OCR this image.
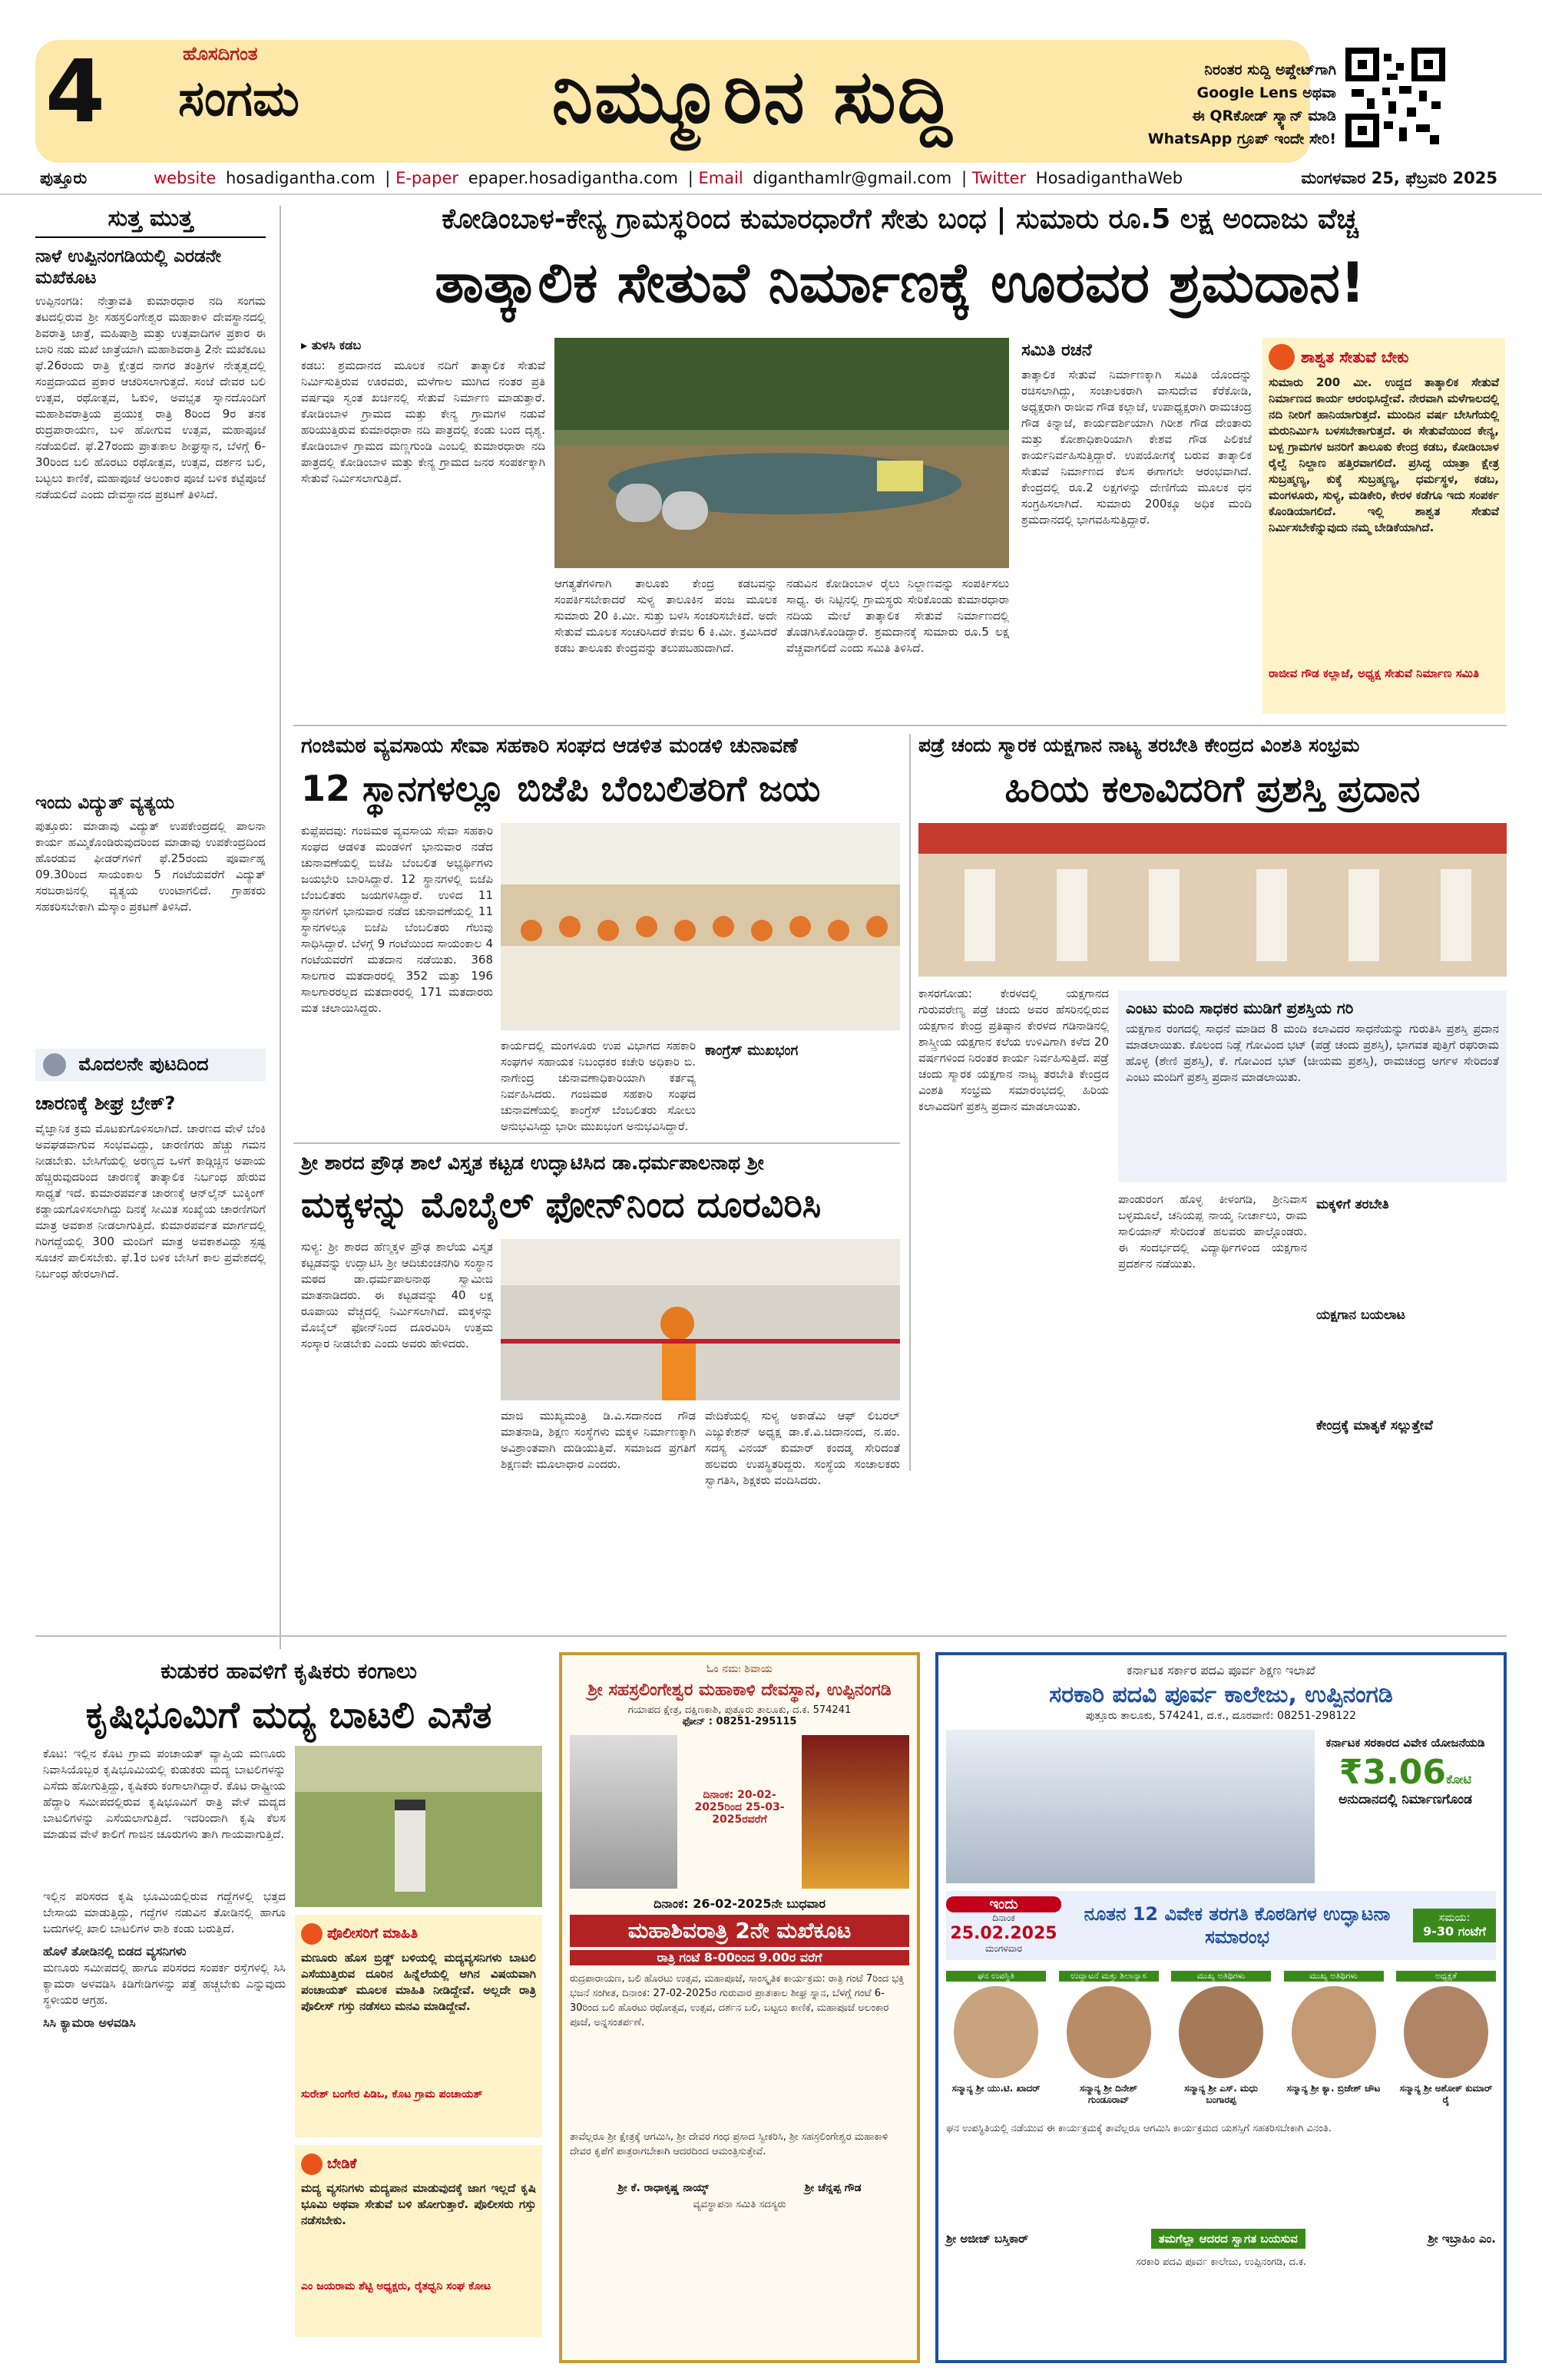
4	ಹೊಸದಿಗಂತ
ಸಂಗಮ	ನಿಮ್ಮೂರಿನ ಸುದ್ದಿ	ನಿರಂತರ ಸುದ್ದಿ ಅಪ್ಡೇಟ್‌ಗಾಗಿ
Google Lens ಅಥವಾ
ಈ QRಕೋಡ್ ಸ್ಕ್ಯಾನ್ ಮಾಡಿ
WhatsApp ಗ್ರೂಪ್ ಇಂದೇ ಸೇರಿ!
ಪುತ್ತೂರು	website hosadigantha.com | E-paper epaper.hosadigantha.com | Email diganthamlr@gmail.com | Twitter HosadiganthaWeb	ಮಂಗಳವಾರ 25, ಫೆಬ್ರವರಿ 2025
ಸುತ್ತ ಮುತ್ತ
ನಾಳೆ ಉಪ್ಪಿನಂಗಡಿಯಲ್ಲಿ ಎರಡನೇ ಮಖೆಕೂಟ
ಉಪ್ಪಿನಂಗಡಿ: ನೇತ್ರಾವತಿ ಕುಮಾರಧಾರ ನದಿ ಸಂಗಮ ತಟದಲ್ಲಿರುವ ಶ್ರೀ ಸಹಸ್ರಲಿಂಗೇಶ್ವರ ಮಹಾಕಾಳಿ ದೇವಸ್ಥಾನದಲ್ಲಿ ಶಿವರಾತ್ರಿ ಜಾತ್ರೆ, ಮಹಿಷಾಶ್ರಿ ಮತ್ತು ಉತ್ಸವಾದಿಗಳ ಪ್ರಕಾರ ಈ ಬಾರಿ ನಡು ಮಖೆ ಜಾತ್ರೆಯಾಗಿ ಮಹಾಶಿವರಾತ್ರಿ 2ನೇ ಮಖೆಕೂಟ ಫೆ.26ರಂದು ರಾತ್ರಿ ಕ್ಷೇತ್ರದ ನಾಗರ ತಂತ್ರಿಗಳ ನೇತೃತ್ವದಲ್ಲಿ ಸಂಪ್ರದಾಯದ ಪ್ರಕಾರ ಆಚರಿಸಲಾಗುತ್ತದೆ. ಸಂಜೆ ದೇವರ ಬಲಿ ಉತ್ಸವ, ರಥೋತ್ಸವ, ಓಕುಳಿ, ಅವಭೃತ ಸ್ನಾನದೊಂದಿಗೆ ಮಹಾಶಿವರಾತ್ರಿಯ ಪ್ರಯುಕ್ತ ರಾತ್ರಿ 8ರಿಂದ 9ರ ತನಕ ರುದ್ರಪಾರಾಯಣ, ಬಳಿ ಹೋಗುವ ಉತ್ಸವ, ಮಹಾಪೂಜೆ ನಡೆಯಲಿದೆ. ಫೆ.27ರಂದು ಪ್ರಾತಃಕಾಲ ಶೀಘ್ರಸ್ನಾನ, ಬೆಳಗ್ಗೆ 6-30ರಿಂದ ಬಲಿ ಹೊರಟು ರಥೋತ್ಸವ, ಉತ್ಸವ, ದರ್ಶನ ಬಲಿ, ಬಟ್ಟಲು ಕಾಣಿಕೆ, ಮಹಾಪೂಜೆ ಅಲಂಕಾರ ಪೂಜೆ ಬಳಿಕ ಕಟ್ಟೆಪೂಜೆ ನಡೆಯಲಿದೆ ಎಂದು ದೇವಸ್ಥಾನದ ಪ್ರಕಟಣೆ ತಿಳಿಸಿದೆ.
ಇಂದು ವಿದ್ಯುತ್ ವ್ಯತ್ಯಯ
ಪುತ್ತೂರು: ಮಾಡಾವು ವಿದ್ಯುತ್ ಉಪಕೇಂದ್ರದಲ್ಲಿ ಪಾಲನಾ ಕಾರ್ಯ ಹಮ್ಮಿಕೊಂಡಿರುವುದರಿಂದ ಮಾಡಾವು ಉಪಕೇಂದ್ರದಿಂದ ಹೊರಡುವ ಫೀಡರ್‌ಗಳಿಗೆ ಫೆ.25ರಂದು ಪೂರ್ವಾಹ್ನ 09.30ರಿಂದ ಸಾಯಂಕಾಲ 5 ಗಂಟೆಯವರೆಗೆ ವಿದ್ಯುತ್ ಸರಬರಾಜಿನಲ್ಲಿ ವ್ಯತ್ಯಯ ಉಂಟಾಗಲಿದೆ. ಗ್ರಾಹಕರು ಸಹಕರಿಸಬೇಕಾಗಿ ಮೆಸ್ಕಾಂ ಪ್ರಕಟಣೆ ತಿಳಿಸಿದೆ.
ಮೊದಲನೇ ಪುಟದಿಂದ
ಚಾರಣಕ್ಕೆ ಶೀಘ್ರ ಬ್ರೇಕ್?
ವೈಜ್ಞಾನಿಕ ಕ್ರಮ ಮೊಟಕುಗೊಳಿಸಲಾಗಿದೆ. ಚಾರಣದ ವೇಳೆ ಬೆಂಕಿ ಅವಘಡವಾಗುವ ಸಂಭವವಿದ್ದು, ಚಾರಣಿಗರು ಹೆಚ್ಚು ಗಮನ ನೀಡಬೇಕು. ಬೇಸಿಗೆಯಲ್ಲಿ ಅರಣ್ಯದ ಒಳಗೆ ಕಾಡ್ಗಿಚ್ಚಿನ ಅಪಾಯ ಹೆಚ್ಚಿರುವುದರಿಂದ ಚಾರಣಕ್ಕೆ ತಾತ್ಕಾಲಿಕ ನಿರ್ಬಂಧ ಹೇರುವ ಸಾಧ್ಯತೆ ಇದೆ. ಕುಮಾರಪರ್ವತ ಚಾರಣಕ್ಕೆ ಆನ್‌ಲೈನ್ ಬುಕ್ಕಿಂಗ್ ಕಡ್ಡಾಯಗೊಳಿಸಲಾಗಿದ್ದು ದಿನಕ್ಕೆ ಸೀಮಿತ ಸಂಖ್ಯೆಯ ಚಾರಣಿಗರಿಗೆ ಮಾತ್ರ ಅವಕಾಶ ನೀಡಲಾಗುತ್ತಿದೆ. ಕುಮಾರಪರ್ವತ ಮಾರ್ಗದಲ್ಲಿ ಗಿರಿಗದ್ದೆಯಲ್ಲಿ 300 ಮಂದಿಗೆ ಮಾತ್ರ ಅವಕಾಶವಿದ್ದು ಸ್ಪಷ್ಟ ಸೂಚನೆ ಪಾಲಿಸಬೇಕು. ಫೆ.1ರ ಬಳಿಕ ಬೇಸಿಗೆ ಕಾಲ ಪ್ರವೇಶದಲ್ಲಿ ನಿರ್ಬಂಧ ಹೇರಲಾಗಿದೆ.
ಕೋಡಿಂಬಾಳ-ಕೇನ್ಯ ಗ್ರಾಮಸ್ಥರಿಂದ ಕುಮಾರಧಾರೆಗೆ ಸೇತು ಬಂಧ | ಸುಮಾರು ರೂ.5 ಲಕ್ಷ ಅಂದಾಜು ವೆಚ್ಚ
ತಾತ್ಕಾಲಿಕ ಸೇತುವೆ ನಿರ್ಮಾಣಕ್ಕೆ ಊರವರ ಶ್ರಮದಾನ!
▸ ತುಳಸಿ ಕಡಬ
ಕಡಬ: ಶ್ರಮದಾನದ ಮೂಲಕ ನದಿಗೆ ತಾತ್ಕಾಲಿಕ ಸೇತುವೆ ನಿರ್ಮಿಸುತ್ತಿರುವ ಊರವರು, ಮಳೆಗಾಲ ಮುಗಿದ ನಂತರ ಪ್ರತಿ ವರ್ಷವೂ ಸ್ವಂತ ಖರ್ಚಿನಲ್ಲಿ ಸೇತುವೆ ನಿರ್ಮಾಣ ಮಾಡುತ್ತಾರೆ. ಕೋಡಿಂಬಾಳ ಗ್ರಾಮದ ಮತ್ತು ಕೇನ್ಯ ಗ್ರಾಮಗಳ ನಡುವೆ ಹರಿಯುತ್ತಿರುವ ಕುಮಾರಧಾರಾ ನದಿ ಪಾತ್ರದಲ್ಲಿ ಕಂಡು ಬಂದ ದೃಶ್ಯ. ಕೋಡಿಂಬಾಳ ಗ್ರಾಮದ ಮಣ್ಣಗುಂಡಿ ಎಂಬಲ್ಲಿ ಕುಮಾರಧಾರಾ ನದಿ ಪಾತ್ರದಲ್ಲಿ ಕೋಡಿಂಬಾಳ ಮತ್ತು ಕೇನ್ಯ ಗ್ರಾಮದ ಜನರ ಸಂಪರ್ಕಕ್ಕಾಗಿ ಸೇತುವೆ ನಿರ್ಮಿಸಲಾಗುತ್ತಿದೆ.
ಆಗತ್ಯತೆಗಳಿಗಾಗಿ ತಾಲೂಕು ಕೇಂದ್ರ ಕಡಬವನ್ನು ಸಂಪರ್ಕಿಸಬೇಕಾದರೆ ಸುಳ್ಯ ತಾಲೂಕಿನ ಪಂಜ ಮೂಲಕ ಸುಮಾರು 20 ಕಿ.ಮೀ. ಸುತ್ತು ಬಳಸಿ ಸಂಚರಿಸಬೇಕಿದೆ. ಅದೇ ಸೇತುವೆ ಮೂಲಕ ಸಂಚರಿಸಿದರೆ ಕೇವಲ 6 ಕಿ.ಮೀ. ಕ್ರಮಿಸಿದರೆ ಕಡಬ ತಾಲೂಕು ಕೇಂದ್ರವನ್ನು ತಲುಪಬಹುದಾಗಿದೆ.
ನಡುವಿನ ಕೋಡಿಂಬಾಳ ರೈಲು ನಿಲ್ದಾಣವನ್ನು ಸಂಪರ್ಕಿಸಲು ಸಾಧ್ಯ. ಈ ನಿಟ್ಟಿನಲ್ಲಿ ಗ್ರಾಮಸ್ಥರು ಸೇರಿಕೊಂಡು ಕುಮಾರಧಾರಾ ನದಿಯ ಮೇಲೆ ತಾತ್ಕಾಲಿಕ ಸೇತುವೆ ನಿರ್ಮಾಣದಲ್ಲಿ ತೊಡಗಿಸಿಕೊಂಡಿದ್ದಾರೆ. ಶ್ರಮದಾನಕ್ಕೆ ಸುಮಾರು ರೂ.5 ಲಕ್ಷ ವೆಚ್ಚವಾಗಲಿದೆ ಎಂದು ಸಮಿತಿ ತಿಳಿಸಿದೆ.
ಸಮಿತಿ ರಚನೆ
ತಾತ್ಕಾಲಿಕ ಸೇತುವೆ ನಿರ್ಮಾಣಕ್ಕಾಗಿ ಸಮಿತಿ ಯೊಂದನ್ನು ರಚಿಸಲಾಗಿದ್ದು, ಸಂಚಾಲಕರಾಗಿ ವಾಸುದೇವ ಕೆರೆಕೋಡಿ, ಅಧ್ಯಕ್ಷರಾಗಿ ರಾಜೀವ ಗೌಡ ಕಲ್ಲಾಜೆ, ಉಪಾಧ್ಯಕ್ಷರಾಗಿ ರಾಮಚಂದ್ರ ಗೌಡ ಕಿನ್ನಾಜೆ, ಕಾರ್ಯದರ್ಶಿಯಾಗಿ ಗಿರೀಶ ಗೌಡ ದೇಂತಾರು ಮತ್ತು ಕೋಶಾಧಿಕಾರಿಯಾಗಿ ಕೇಶವ ಗೌಡ ಪಿಲಿಕಜೆ ಕಾರ್ಯನಿರ್ವಹಿಸುತ್ತಿದ್ದಾರೆ. ಉಪಯೋಗಕ್ಕೆ ಬರುವ ತಾತ್ಕಾಲಿಕ ಸೇತುವೆ ನಿರ್ಮಾಣದ ಕೆಲಸ ಈಗಾಗಲೇ ಆರಂಭವಾಗಿದೆ. ಕೇಂದ್ರದಲ್ಲಿ ರೂ.2 ಲಕ್ಷಗಳನ್ನು ದೇಣಿಗೆಯ ಮೂಲಕ ಧನ ಸಂಗ್ರಹಿಸಲಾಗಿದೆ. ಸುಮಾರು 200ಕ್ಕೂ ಅಧಿಕ ಮಂದಿ ಶ್ರಮದಾನದಲ್ಲಿ ಭಾಗವಹಿಸುತ್ತಿದ್ದಾರೆ.
ಶಾಶ್ವತ ಸೇತುವೆ ಬೇಕು
ಸುಮಾರು 200 ಮೀ. ಉದ್ದದ ತಾತ್ಕಾಲಿಕ ಸೇತುವೆ ನಿರ್ಮಾಣದ ಕಾರ್ಯ ಆರಂಭಿಸಿದ್ದೇವೆ. ನೇರವಾಗಿ ಮಳೆಗಾಲದಲ್ಲಿ ನದಿ ನೀರಿಗೆ ಹಾನಿಯಾಗುತ್ತದೆ. ಮುಂದಿನ ವರ್ಷ ಬೇಸಿಗೆಯಲ್ಲಿ ಮರುನಿರ್ಮಿಸಿ ಬಳಸಬೇಕಾಗುತ್ತದೆ. ಈ ಸೇತುವೆಯಿಂದ ಕೇನ್ಯ, ಬಳ್ಪ ಗ್ರಾಮಗಳ ಜನರಿಗೆ ತಾಲೂಕು ಕೇಂದ್ರ ಕಡಬ, ಕೋಡಿಂಬಾಳ ರೈಲ್ವೆ ನಿಲ್ದಾಣ ಹತ್ತಿರವಾಗಲಿದೆ. ಪ್ರಸಿದ್ಧ ಯಾತ್ರಾ ಕ್ಷೇತ್ರ ಸುಬ್ರಹ್ಮಣ್ಯ, ಕುಕ್ಕೆ ಸುಬ್ರಹ್ಮಣ್ಯ, ಧರ್ಮಸ್ಥಳ, ಕಡಬ, ಮಂಗಳೂರು, ಸುಳ್ಯ, ಮಡಿಕೇರಿ, ಕೇರಳ ಕಡೆಗೂ ಇದು ಸಂಪರ್ಕ ಕೊಂಡಿಯಾಗಲಿದೆ. ಇಲ್ಲಿ ಶಾಶ್ವತ ಸೇತುವೆ ನಿರ್ಮಿಸಬೇಕೆನ್ನುವುದು ನಮ್ಮ ಬೇಡಿಕೆಯಾಗಿದೆ.
ರಾಜೀವ ಗೌಡ ಕಲ್ಲಾಜೆ, ಅಧ್ಯಕ್ಷ ಸೇತುವೆ ನಿರ್ಮಾಣ ಸಮಿತಿ
ಗಂಜಿಮಠ ವ್ಯವಸಾಯ ಸೇವಾ ಸಹಕಾರಿ ಸಂಘದ ಆಡಳಿತ ಮಂಡಳಿ ಚುನಾವಣೆ
12 ಸ್ಥಾನಗಳಲ್ಲೂ ಬಿಜೆಪಿ ಬೆಂಬಲಿತರಿಗೆ ಜಯ
ಕುಪ್ಪೆಪದವು: ಗಂಜಿಮಠ ವ್ಯವಸಾಯ ಸೇವಾ ಸಹಕಾರಿ ಸಂಘದ ಆಡಳಿತ ಮಂಡಳಿಗೆ ಭಾನುವಾರ ನಡೆದ ಚುನಾವಣೆಯಲ್ಲಿ ಬಿಜೆಪಿ ಬೆಂಬಲಿತ ಅಭ್ಯರ್ಥಿಗಳು ಜಯಭೇರಿ ಬಾರಿಸಿದ್ದಾರೆ. 12 ಸ್ಥಾನಗಳಲ್ಲಿ ಬಿಜೆಪಿ ಬೆಂಬಲಿತರು ಜಯಗಳಿಸಿದ್ದಾರೆ. ಉಳಿದ 11 ಸ್ಥಾನಗಳಿಗೆ ಭಾನುವಾರ ನಡೆದ ಚುನಾವಣೆಯಲ್ಲಿ 11 ಸ್ಥಾನಗಳಲ್ಲೂ ಬಿಜೆಪಿ ಬೆಂಬಲಿತರು ಗೆಲುವು ಸಾಧಿಸಿದ್ದಾರೆ. ಬೆಳಗ್ಗೆ 9 ಗಂಟೆಯಿಂದ ಸಾಯಂಕಾಲ 4 ಗಂಟೆಯವರೆಗೆ ಮತದಾನ ನಡೆಯಿತು. 368 ಸಾಲಗಾರ ಮತದಾರರಲ್ಲಿ 352 ಮತ್ತು 196 ಸಾಲಗಾರರಲ್ಲದ ಮತದಾರರಲ್ಲಿ 171 ಮತದಾರರು ಮತ ಚಲಾಯಿಸಿದ್ದರು.
ಕಾರ್ಯದಲ್ಲಿ ಮಂಗಳೂರು ಉಪ ವಿಭಾಗದ ಸಹಕಾರಿ ಸಂಘಗಳ ಸಹಾಯಕ ನಿಬಂಧಕರ ಕಚೇರಿ ಅಧಿಕಾರಿ ಬಿ. ನಾಗೇಂದ್ರ ಚುನಾವಣಾಧಿಕಾರಿಯಾಗಿ ಕರ್ತವ್ಯ ನಿರ್ವಹಿಸಿದರು. ಗಂಜಿಮಠ ಸಹಕಾರಿ ಸಂಘದ ಚುನಾವಣೆಯಲ್ಲಿ ಕಾಂಗ್ರೆಸ್ ಬೆಂಬಲಿತರು ಸೋಲು ಅನುಭವಿಸಿದ್ದು ಭಾರೀ ಮುಖಭಂಗ ಅನುಭವಿಸಿದ್ದಾರೆ.
ಕಾಂಗ್ರೆಸ್ ಮುಖಭಂಗ
ಪಡ್ರೆ ಚಂದು ಸ್ಮಾರಕ ಯಕ್ಷಗಾನ ನಾಟ್ಯ ತರಬೇತಿ ಕೇಂದ್ರದ ವಿಂಶತಿ ಸಂಭ್ರಮ
ಹಿರಿಯ ಕಲಾವಿದರಿಗೆ ಪ್ರಶಸ್ತಿ ಪ್ರದಾನ
ಕಾಸರಗೋಡು: ಕೇರಳದಲ್ಲಿ ಯಕ್ಷಗಾನದ ಗುರುವರೇಣ್ಯ ಪಡ್ರೆ ಚಂದು ಅವರ ಹೆಸರಿನಲ್ಲಿರುವ ಯಕ್ಷಗಾನ ಕೇಂದ್ರ ಪ್ರತಿಷ್ಠಾನ ಕೇರಳದ ಗಡಿನಾಡಿನಲ್ಲಿ ಶಾಸ್ತ್ರೀಯ ಯಕ್ಷಗಾನ ಕಲೆಯ ಉಳಿವಿಗಾಗಿ ಕಳೆದ 20 ವರ್ಷಗಳಿಂದ ನಿರಂತರ ಕಾರ್ಯ ನಿರ್ವಹಿಸುತ್ತಿದೆ. ಪಡ್ರೆ ಚಂದು ಸ್ಮಾರಕ ಯಕ್ಷಗಾನ ನಾಟ್ಯ ತರಬೇತಿ ಕೇಂದ್ರದ ವಿಂಶತಿ ಸಂಭ್ರಮ ಸಮಾರಂಭದಲ್ಲಿ ಹಿರಿಯ ಕಲಾವಿದರಿಗೆ ಪ್ರಶಸ್ತಿ ಪ್ರದಾನ ಮಾಡಲಾಯಿತು.
ಎಂಟು ಮಂದಿ ಸಾಧಕರ ಮುಡಿಗೆ ಪ್ರಶಸ್ತಿಯ ಗರಿ
ಯಕ್ಷಗಾನ ರಂಗದಲ್ಲಿ ಸಾಧನೆ ಮಾಡಿದ 8 ಮಂದಿ ಕಲಾವಿದರ ಸಾಧನೆಯನ್ನು ಗುರುತಿಸಿ ಪ್ರಶಸ್ತಿ ಪ್ರದಾನ ಮಾಡಲಾಯಿತು. ಕೊಲಂದ ನಿಡ್ಲೆ ಗೋವಿಂದ ಭಟ್ (ಪಡ್ರೆ ಚಂದು ಪ್ರಶಸ್ತಿ), ಭಾಗವತ ಪುತ್ತಿಗೆ ರಘುರಾಮ ಹೊಳ್ಳ (ಶೇಣಿ ಪ್ರಶಸ್ತಿ), ಕೆ. ಗೋವಿಂದ ಭಟ್ (ಚೀಯಮ ಪ್ರಶಸ್ತಿ), ರಾಮಚಂದ್ರ ಅರ್ಗಳ ಸೇರಿದಂತೆ ಎಂಟು ಮಂದಿಗೆ ಪ್ರಶಸ್ತಿ ಪ್ರದಾನ ಮಾಡಲಾಯಿತು.
ಪಾಂಡುರಂಗ ಹೊಳ್ಳ ಕೀಳಂಗಡಿ, ಶ್ರೀನಿವಾಸ ಬಳ್ಳಮೂಲೆ, ಚನಿಯಪ್ಪ ನಾಯ್ಕ ನೀರ್ಚಾಲು, ರಾಮ ಸಾಲಿಯಾನ್ ಸೇರಿದಂತೆ ಹಲವರು ಪಾಲ್ಗೊಂಡರು. ಈ ಸಂದರ್ಭದಲ್ಲಿ ವಿದ್ಯಾರ್ಥಿಗಳಿಂದ ಯಕ್ಷಗಾನ ಪ್ರದರ್ಶನ ನಡೆಯಿತು.
ಮಕ್ಕಳಿಗೆ ತರಬೇತಿ
ಯಕ್ಷಗಾನ ಬಯಲಾಟ
ಕೇಂದ್ರಕ್ಕೆ ಮಾತೃಕೆ ಸಲ್ಲುತ್ತೇವೆ
ಶ್ರೀ ಶಾರದ ಪ್ರೌಢ ಶಾಲೆ ವಿಸ್ತೃತ ಕಟ್ಟಡ ಉದ್ಘಾಟಿಸಿದ ಡಾ.ಧರ್ಮಪಾಲನಾಥ ಶ್ರೀ
ಮಕ್ಕಳನ್ನು ಮೊಬೈಲ್ ಫೋನ್‌ನಿಂದ ದೂರವಿರಿಸಿ
ಸುಳ್ಯ: ಶ್ರೀ ಶಾರದ ಹೆಣ್ಮಕ್ಕಳ ಪ್ರೌಢ ಶಾಲೆಯ ವಿಸ್ತೃತ ಕಟ್ಟಡವನ್ನು ಉದ್ಘಾಟಿಸಿ ಶ್ರೀ ಆದಿಚುಂಚನಗಿರಿ ಸಂಸ್ಥಾನ ಮಠದ ಡಾ.ಧರ್ಮಪಾಲನಾಥ ಸ್ವಾಮೀಜಿ ಮಾತನಾಡಿದರು. ಈ ಕಟ್ಟಡವನ್ನು 40 ಲಕ್ಷ ರೂಪಾಯಿ ವೆಚ್ಚದಲ್ಲಿ ನಿರ್ಮಿಸಲಾಗಿದೆ. ಮಕ್ಕಳನ್ನು ಮೊಬೈಲ್ ಫೋನ್‌ನಿಂದ ದೂರವಿರಿಸಿ ಉತ್ತಮ ಸಂಸ್ಕಾರ ನೀಡಬೇಕು ಎಂದು ಅವರು ಹೇಳಿದರು.
ಮಾಜಿ ಮುಖ್ಯಮಂತ್ರಿ ಡಿ.ವಿ.ಸದಾನಂದ ಗೌಡ ಮಾತನಾಡಿ, ಶಿಕ್ಷಣ ಸಂಸ್ಥೆಗಳು ಮಕ್ಕಳ ನಿರ್ಮಾಣಕ್ಕಾಗಿ ಅವಿಶ್ರಾಂತವಾಗಿ ದುಡಿಯುತ್ತಿವೆ. ಸಮಾಜದ ಪ್ರಗತಿಗೆ ಶಿಕ್ಷಣವೇ ಮೂಲಾಧಾರ ಎಂದರು.
ವೇದಿಕೆಯಲ್ಲಿ ಸುಳ್ಯ ಅಕಾಡೆಮಿ ಆಫ್ ಲಿಬರಲ್ ಎಜ್ಯುಕೇಶನ್ ಅಧ್ಯಕ್ಷ ಡಾ.ಕೆ.ವಿ.ಚಿದಾನಂದ, ನ.ಪಂ. ಸದಸ್ಯ ವಿನಯ್ ಕುಮಾರ್ ಕಂದಡ್ಕ ಸೇರಿದಂತೆ ಹಲವರು ಉಪಸ್ಥಿತರಿದ್ದರು. ಸಂಸ್ಥೆಯ ಸಂಚಾಲಕರು ಸ್ವಾಗತಿಸಿ, ಶಿಕ್ಷಕರು ವಂದಿಸಿದರು.
ಕುಡುಕರ ಹಾವಳಿಗೆ ಕೃಷಿಕರು ಕಂಗಾಲು
ಕೃಷಿಭೂಮಿಗೆ ಮದ್ಯ ಬಾಟಲಿ ಎಸೆತ
ಕೊಟ: ಇಲ್ಲಿನ ಕೊಟ ಗ್ರಾಮ ಪಂಚಾಯತ್ ವ್ಯಾಪ್ತಿಯ ಮಣೂರು ನಿವಾಸಿಯೊಬ್ಬರ ಕೃಷಿಭೂಮಿಯಲ್ಲಿ ಕುಡುಕರು ಮದ್ಯ ಬಾಟಲಿಗಳನ್ನು ಎಸೆದು ಹೋಗುತ್ತಿದ್ದು, ಕೃಷಿಕರು ಕಂಗಾಲಾಗಿದ್ದಾರೆ. ಕೊಟ ರಾಷ್ಟ್ರೀಯ ಹೆದ್ದಾರಿ ಸಮೀಪದಲ್ಲಿರುವ ಕೃಷಿಭೂಮಿಗೆ ರಾತ್ರಿ ವೇಳೆ ಮದ್ಯದ ಬಾಟಲಿಗಳನ್ನು ಎಸೆಯಲಾಗುತ್ತಿದೆ. ಇದರಿಂದಾಗಿ ಕೃಷಿ ಕೆಲಸ ಮಾಡುವ ವೇಳೆ ಕಾಲಿಗೆ ಗಾಜಿನ ಚೂರುಗಳು ತಾಗಿ ಗಾಯವಾಗುತ್ತಿದೆ.
ಇಲ್ಲಿನ ಪರಿಸರದ ಕೃಷಿ ಭೂಮಿಯಲ್ಲಿರುವ ಗದ್ದೆಗಳಲ್ಲಿ ಭತ್ತದ ಬೇಸಾಯ ಮಾಡುತ್ತಿದ್ದು, ಗದ್ದೆಗಳ ನಡುವಿನ ತೋಡಿನಲ್ಲಿ ಹಾಗೂ ಬದುಗಳಲ್ಲಿ ಖಾಲಿ ಬಾಟಲಿಗಳ ರಾಶಿ ಕಂಡು ಬರುತ್ತಿದೆ.
ಹೊಳೆ ತೋಡಿನಲ್ಲಿ ಬಿಡದ ವ್ಯಸನಿಗಳು
ಮಣೂರು ಸಮೀಪದಲ್ಲಿ ಹಾಗೂ ಪರಿಸರದ ಸಂಪರ್ಕ ರಸ್ತೆಗಳಲ್ಲಿ ಸಿಸಿ ಕ್ಯಾಮರಾ ಅಳವಡಿಸಿ ಕಿಡಿಗೇಡಿಗಳನ್ನು ಪತ್ತೆ ಹಚ್ಚಬೇಕು ಎನ್ನುವುದು ಸ್ಥಳೀಯರ ಆಗ್ರಹ.
ಸಿಸಿ ಕ್ಯಾಮರಾ ಅಳವಡಿಸಿ
ಪೊಲೀಸರಿಗೆ ಮಾಹಿತಿ
ಮಣೂರು ಹೊಸ ಬ್ರಿಡ್ಜ್ ಬಳಿಯಲ್ಲಿ ಮದ್ಯವ್ಯಸನಿಗಳು ಬಾಟಲಿ ಎಸೆಯುತ್ತಿರುವ ದೂರಿನ ಹಿನ್ನೆಲೆಯಲ್ಲಿ ಆಗಿನ ವಿಷಯವಾಗಿ ಪಂಚಾಯತ್ ಮೂಲಕ ಮಾಹಿತಿ ನೀಡಿದ್ದೇವೆ. ಅಲ್ಲದೇ ರಾತ್ರಿ ಪೊಲೀಸ್ ಗಸ್ತು ನಡೆಸಲು ಮನವಿ ಮಾಡಿದ್ದೇವೆ.
ಸುರೇಶ್ ಬಂಗೇರ ಪಿಡಿಒ, ಕೊಟ ಗ್ರಾಮ ಪಂಚಾಯತ್
ಬೇಡಿಕೆ
ಮದ್ಯ ವ್ಯಸನಿಗಳು ಮದ್ಯಪಾನ ಮಾಡುವುದಕ್ಕೆ ಜಾಗ ಇಲ್ಲದೆ ಕೃಷಿ ಭೂಮಿ ಅಥವಾ ಸೇತುವೆ ಬಳಿ ಹೋಗುತ್ತಾರೆ. ಪೊಲೀಸರು ಗಸ್ತು ನಡೆಸಬೇಕು.
ಎಂ ಜಯರಾಮ ಶೆಟ್ಟಿ ಅಧ್ಯಕ್ಷರು, ರೈತಧ್ವನಿ ಸಂಘ ಕೋಟ
ಓಂ ನಮಃ ಶಿವಾಯ
ಶ್ರೀ ಸಹಸ್ರಲಿಂಗೇಶ್ವರ ಮಹಾಕಾಳಿ ದೇವಸ್ಥಾನ, ಉಪ್ಪಿನಂಗಡಿ
ಗಯಾಪದ ಕ್ಷೇತ್ರ, ದಕ್ಷಿಣಕಾಶಿ, ಪುತ್ತೂರು ತಾಲೂಕು, ದ.ಕ. 574241
ಫೋನ್ : 08251-295115
ದಿನಾಂಕ: 20-02-2025ರಿಂದ 25-03-2025ರವರೆಗೆ
ದಿನಾಂಕ: 26-02-2025ನೇ ಬುಧವಾರ
ಮಹಾಶಿವರಾತ್ರಿ 2ನೇ ಮಖೆಕೂಟ
ರಾತ್ರಿ ಗಂಟೆ 8-00ರಿಂದ 9.00ರ ವರೆಗೆ
ರುದ್ರಪಾರಾಯಣ, ಬಲಿ ಹೊರಟು ಉತ್ಸವ, ಮಹಾಪೂಜೆ, ಸಾಂಸ್ಕೃತಿಕ ಕಾರ್ಯಕ್ರಮ: ರಾತ್ರಿ ಗಂಟೆ 7ರಿಂದ ಭಕ್ತಿ ಭಜನೆ ಸಂಗೀತ, ದಿನಾಂಕ: 27-02-2025ರ ಗುರುವಾರ ಪ್ರಾತಃಕಾಲ ಶೀಘ್ರ ಸ್ನಾನ, ಬೆಳಗ್ಗೆ ಗಂಟೆ 6-30ರಿಂದ ಬಲಿ ಹೊರಟು ರಥೋತ್ಸವ, ಉತ್ಸವ, ದರ್ಶನ ಬಲಿ, ಬಟ್ಟಲು ಕಾಣಿಕೆ, ಮಹಾಪೂಜೆ ಅಲಂಕಾರ ಪೂಜೆ, ಅನ್ನಸಂತರ್ಪಣೆ.
ತಾವೆಲ್ಲರೂ ಶ್ರೀ ಕ್ಷೇತ್ರಕ್ಕೆ ಆಗಮಿಸಿ, ಶ್ರೀ ದೇವರ ಗಂಧ ಪ್ರಸಾದ ಸ್ವೀಕರಿಸಿ, ಶ್ರೀ ಸಹಸ್ರಲಿಂಗೇಶ್ವರ ಮಹಾಕಾಳಿ ದೇವರ ಕೃಪೆಗೆ ಪಾತ್ರರಾಗಬೇಕಾಗಿ ಆದರದಿಂದ ಆಮಂತ್ರಿಸುತ್ತೇವೆ.
ಶ್ರೀ ಕೆ. ರಾಧಾಕೃಷ್ಣ ನಾಯ್ಕ್	ಶ್ರೀ ಚೆನ್ನಪ್ಪ ಗೌಡ
ವ್ಯವಸ್ಥಾಪನಾ ಸಮಿತಿ ಸದಸ್ಯರು
ಕರ್ನಾಟಕ ಸರ್ಕಾರ ಪದವಿ ಪೂರ್ವ ಶಿಕ್ಷಣ ಇಲಾಖೆ
ಸರಕಾರಿ ಪದವಿ ಪೂರ್ವ ಕಾಲೇಜು, ಉಪ್ಪಿನಂಗಡಿ
ಪುತ್ತೂರು ತಾಲೂಕು, 574241, ದ.ಕ., ದೂರವಾಣಿ: 08251-298122
ಕರ್ನಾಟಕ ಸರಕಾರದ ವಿವೇಕ ಯೋಜನೆಯಡಿ
₹3.06ಕೋಟಿ
ಅನುದಾನದಲ್ಲಿ ನಿರ್ಮಾಣಗೊಂಡ
ಇಂದು
ದಿನಾಂಕ
25.02.2025
ಮಂಗಳವಾರ
ನೂತನ 12 ವಿವೇಕ ತರಗತಿ ಕೊಠಡಿಗಳ ಉದ್ಘಾಟನಾ ಸಮಾರಂಭ
ಸಮಯ:
9-30 ಗಂಟೆಗೆ
ಘನ ಉಪಸ್ಥಿತಿ
ಸನ್ಮಾನ್ಯ ಶ್ರೀ ಯು.ಟಿ. ಖಾದರ್
ಉದ್ಘಾಟನೆ ಮತ್ತು ಶಿಲಾನ್ಯಾಸ
ಸನ್ಮಾನ್ಯ ಶ್ರೀ ದಿನೇಶ್ ಗುಂಡೂರಾವ್
ಮುಖ್ಯ ಅತಿಥಿಗಳು
ಸನ್ಮಾನ್ಯ ಶ್ರೀ ಎಸ್. ಮಧು ಬಂಗಾರಪ್ಪ
ಮುಖ್ಯ ಅತಿಥಿಗಳು
ಸನ್ಮಾನ್ಯ ಶ್ರೀ ಕ್ಯಾ. ಬ್ರಿಜೇಶ್ ಚೌಟ
ಅಧ್ಯಕ್ಷತೆ
ಸನ್ಮಾನ್ಯ ಶ್ರೀ ಅಶೋಕ್ ಕುಮಾರ್ ರೈ
ಘನ ಉಪಸ್ಥಿತಿಯಲ್ಲಿ ನಡೆಯುವ ಈ ಕಾರ್ಯಕ್ರಮಕ್ಕೆ ತಾವೆಲ್ಲರೂ ಆಗಮಿಸಿ ಕಾರ್ಯಕ್ರಮದ ಯಶಸ್ಸಿಗೆ ಸಹಕರಿಸಬೇಕಾಗಿ ವಿನಂತಿ.
ಶ್ರೀ ಅಜೀಜ್ ಬಸ್ತಿಕಾರ್	ತಮಗೆಲ್ಲಾ ಆದರದ ಸ್ವಾಗತ ಬಯಸುವ	ಶ್ರೀ ಇಬ್ರಾಹಿಂ ಎಂ.
ಸರಕಾರಿ ಪದವಿ ಪೂರ್ವ ಕಾಲೇಜು, ಉಪ್ಪಿನಂಗಡಿ, ದ.ಕ.
